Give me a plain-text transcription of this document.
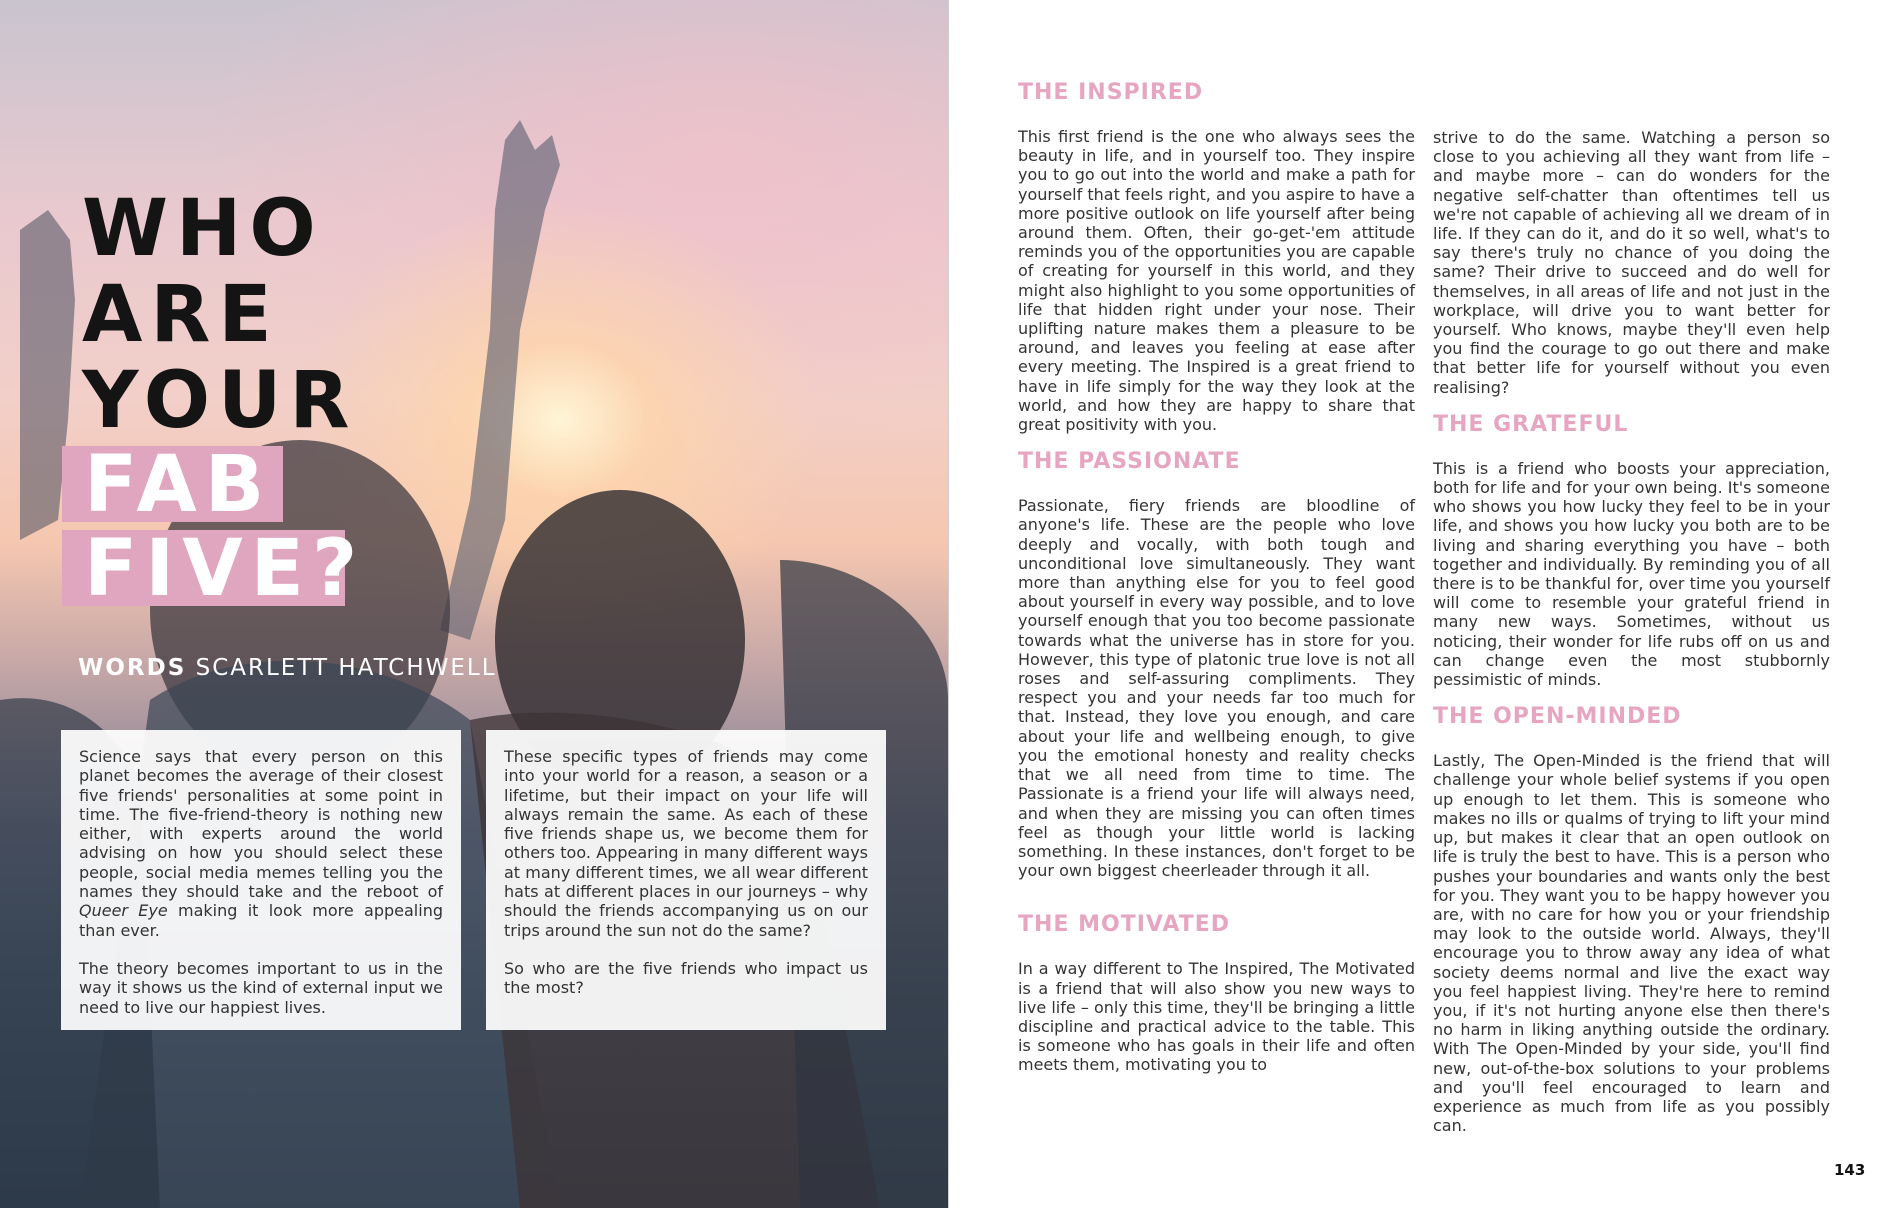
WHO
ARE
YOUR
FAB
FIVE?
WORDS SCARLETT HATCHWELL

Science says that every person on this planet becomes the average of their closest five friends' personalities at some point in time. The five-friend-theory is nothing new either, with experts around the world advising on how you should select these people, social media memes telling you the names they should take and the reboot of Queer Eye making it look more appealing than ever.

The theory becomes important to us in the way it shows us the kind of external input we need to live our happiest lives.

These specific types of friends may come into your world for a reason, a season or a lifetime, but their impact on your life will always remain the same. As each of these five friends shape us, we become them for others too. Appearing in many different ways at many different times, we all wear different hats at different places in our journeys – why should the friends accompanying us on our trips around the sun not do the same?

So who are the five friends who impact us the most?

THE INSPIRED

This first friend is the one who always sees the beauty in life, and in yourself too. They inspire you to go out into the world and make a path for yourself that feels right, and you aspire to have a more positive outlook on life yourself after being around them. Often, their go-get-'em attitude reminds you of the opportunities you are capable of creating for yourself in this world, and they might also highlight to you some opportunities of life that hidden right under your nose. Their uplifting nature makes them a pleasure to be around, and leaves you feeling at ease after every meeting. The Inspired is a great friend to have in life simply for the way they look at the world, and how they are happy to share that great positivity with you.

THE PASSIONATE

Passionate, fiery friends are bloodline of anyone's life. These are the people who love deeply and vocally, with both tough and unconditional love simultaneously. They want more than anything else for you to feel good about yourself in every way possible, and to love yourself enough that you too become passionate towards what the universe has in store for you. However, this type of platonic true love is not all roses and self-assuring compliments. They respect you and your needs far too much for that. Instead, they love you enough, and care about your life and wellbeing enough, to give you the emotional honesty and reality checks that we all need from time to time. The Passionate is a friend your life will always need, and when they are missing you can often times feel as though your little world is lacking something. In these instances, don't forget to be your own biggest cheerleader through it all.

THE MOTIVATED

In a way different to The Inspired, The Motivated is a friend that will also show you new ways to live life – only this time, they'll be bringing a little discipline and practical advice to the table. This is someone who has goals in their life and often meets them, motivating you to

strive to do the same. Watching a person so close to you achieving all they want from life – and maybe more – can do wonders for the negative self-chatter than oftentimes tell us we're not capable of achieving all we dream of in life. If they can do it, and do it so well, what's to say there's truly no chance of you doing the same? Their drive to succeed and do well for themselves, in all areas of life and not just in the workplace, will drive you to want better for yourself. Who knows, maybe they'll even help you find the courage to go out there and make that better life for yourself without you even realising?

THE GRATEFUL

This is a friend who boosts your appreciation, both for life and for your own being. It's someone who shows you how lucky they feel to be in your life, and shows you how lucky you both are to be living and sharing everything you have – both together and individually. By reminding you of all there is to be thankful for, over time you yourself will come to resemble your grateful friend in many new ways. Sometimes, without us noticing, their wonder for life rubs off on us and can change even the most stubbornly pessimistic of minds.

THE OPEN-MINDED

Lastly, The Open-Minded is the friend that will challenge your whole belief systems if you open up enough to let them. This is someone who makes no ills or qualms of trying to lift your mind up, but makes it clear that an open outlook on life is truly the best to have. This is a person who pushes your boundaries and wants only the best for you. They want you to be happy however you are, with no care for how you or your friendship may look to the outside world. Always, they'll encourage you to throw away any idea of what society deems normal and live the exact way you feel happiest living. They're here to remind you, if it's not hurting anyone else then there's no harm in liking anything outside the ordinary. With The Open-Minded by your side, you'll find new, out-of-the-box solutions to your problems and you'll feel encouraged to learn and experience as much from life as you possibly can.

143
